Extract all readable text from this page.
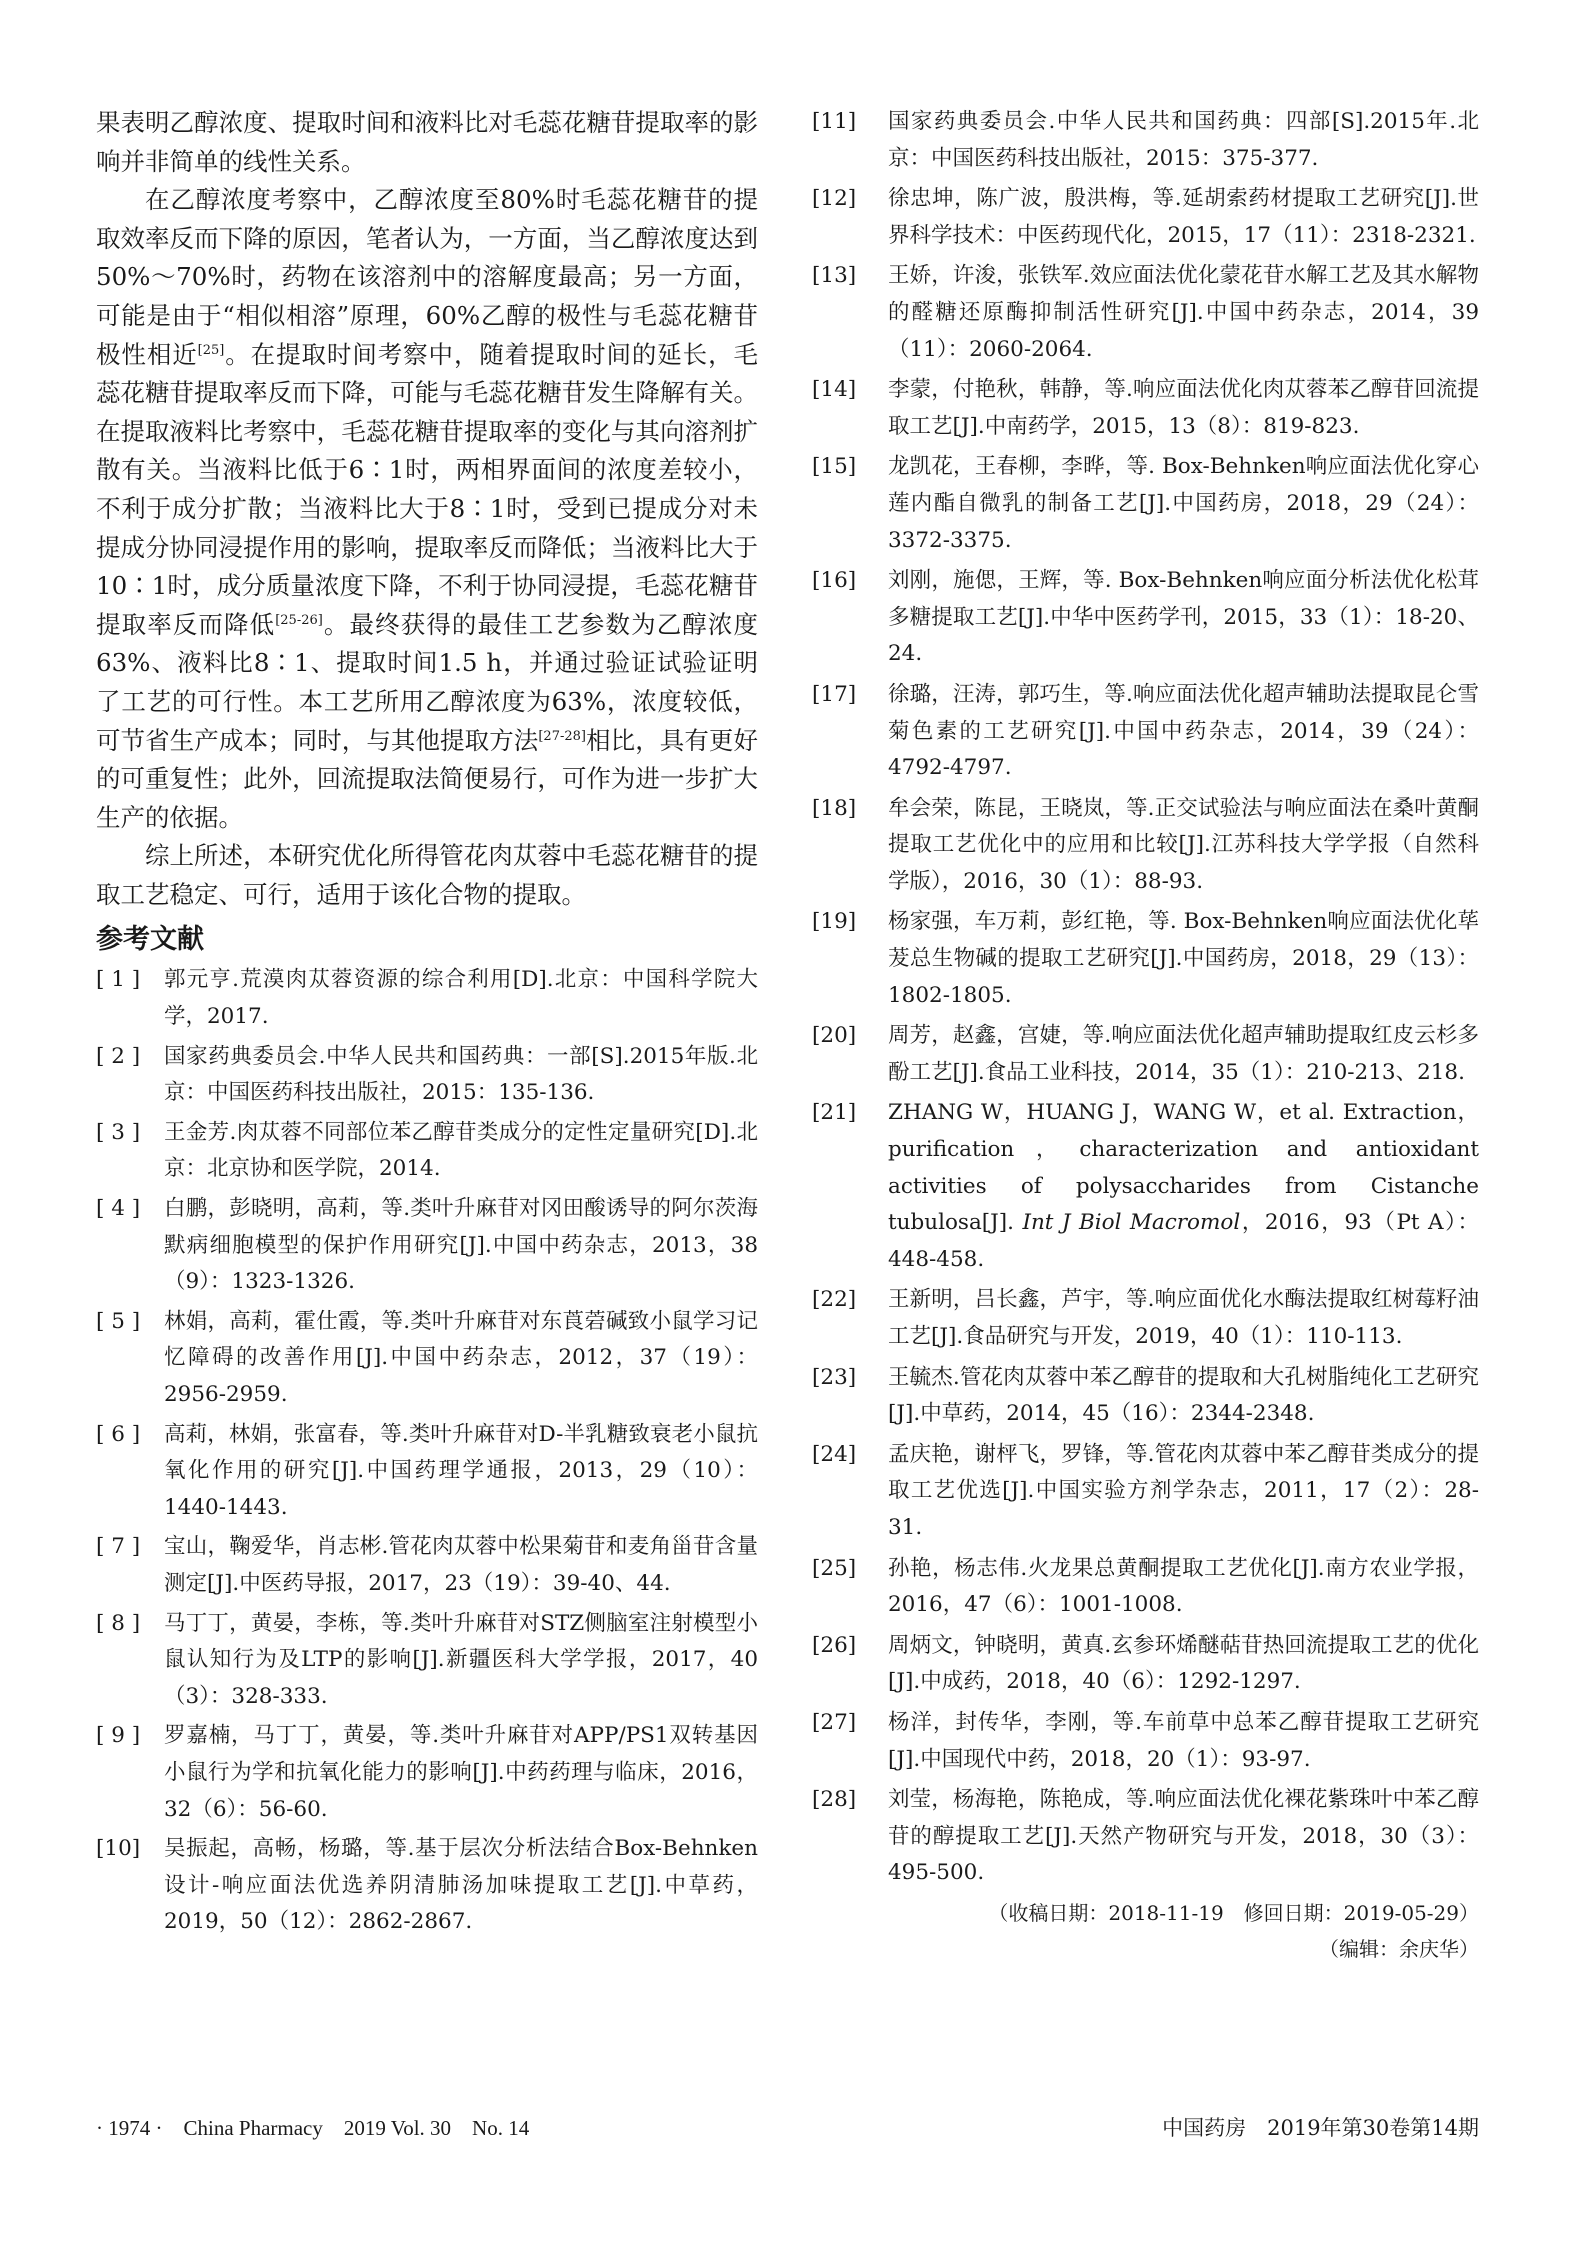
果表明乙醇浓度、提取时间和液料比对毛蕊花糖苷提取率的影响并非简单的线性关系。

在乙醇浓度考察中，乙醇浓度至80%时毛蕊花糖苷的提取效率反而下降的原因，笔者认为，一方面，当乙醇浓度达到50%～70%时，药物在该溶剂中的溶解度最高；另一方面，可能是由于“相似相溶”原理，60%乙醇的极性与毛蕊花糖苷极性相近[25]。在提取时间考察中，随着提取时间的延长，毛蕊花糖苷提取率反而下降，可能与毛蕊花糖苷发生降解有关。在提取液料比考察中，毛蕊花糖苷提取率的变化与其向溶剂扩散有关。当液料比低于6∶1时，两相界面间的浓度差较小，不利于成分扩散；当液料比大于8∶1时，受到已提成分对未提成分协同浸提作用的影响，提取率反而降低；当液料比大于10∶1时，成分质量浓度下降，不利于协同浸提，毛蕊花糖苷提取率反而降低[25-26]。最终获得的最佳工艺参数为乙醇浓度63%、液料比8∶1、提取时间1.5 h，并通过验证试验证明了工艺的可行性。本工艺所用乙醇浓度为63%，浓度较低，可节省生产成本；同时，与其他提取方法[27-28]相比，具有更好的可重复性；此外，回流提取法简便易行，可作为进一步扩大生产的依据。

综上所述，本研究优化所得管花肉苁蓉中毛蕊花糖苷的提取工艺稳定、可行，适用于该化合物的提取。

参考文献
[ 1 ]	郭元亨.荒漠肉苁蓉资源的综合利用[D].北京：中国科学院大学，2017.
[ 2 ]	国家药典委员会.中华人民共和国药典：一部[S].2015年版.北京：中国医药科技出版社，2015：135-136.
[ 3 ]	王金芳.肉苁蓉不同部位苯乙醇苷类成分的定性定量研究[D].北京：北京协和医学院，2014.
[ 4 ]	白鹏，彭晓明，高莉，等.类叶升麻苷对冈田酸诱导的阿尔茨海默病细胞模型的保护作用研究[J].中国中药杂志，2013，38（9）：1323-1326.
[ 5 ]	林娟，高莉，霍仕霞，等.类叶升麻苷对东莨菪碱致小鼠学习记忆障碍的改善作用[J].中国中药杂志，2012，37（19）：2956-2959.
[ 6 ]	高莉，林娟，张富春，等.类叶升麻苷对D-半乳糖致衰老小鼠抗氧化作用的研究[J].中国药理学通报，2013，29（10）：1440-1443.
[ 7 ]	宝山，鞠爱华，肖志彬.管花肉苁蓉中松果菊苷和麦角甾苷含量测定[J].中医药导报，2017，23（19）：39-40、44.
[ 8 ]	马丁丁，黄晏，李栋，等.类叶升麻苷对STZ侧脑室注射模型小鼠认知行为及LTP的影响[J].新疆医科大学学报，2017，40（3）：328-333.
[ 9 ]	罗嘉楠，马丁丁，黄晏，等.类叶升麻苷对APP/PS1双转基因小鼠行为学和抗氧化能力的影响[J].中药药理与临床，2016，32（6）：56-60.
[10]	吴振起，高畅，杨璐，等.基于层次分析法结合Box-Behnken设计-响应面法优选养阴清肺汤加味提取工艺[J].中草药，2019，50（12）：2862-2867.
[11]	国家药典委员会.中华人民共和国药典：四部[S].2015年.北京：中国医药科技出版社，2015：375-377.
[12]	徐忠坤，陈广波，殷洪梅，等.延胡索药材提取工艺研究[J].世界科学技术：中医药现代化，2015，17（11）：2318-2321.
[13]	王娇，许浚，张铁军.效应面法优化蒙花苷水解工艺及其水解物的醛糖还原酶抑制活性研究[J].中国中药杂志，2014，39（11）：2060-2064.
[14]	李蒙，付艳秋，韩静，等.响应面法优化肉苁蓉苯乙醇苷回流提取工艺[J].中南药学，2015，13（8）：819-823.
[15]	龙凯花，王春柳，李晔，等. Box-Behnken响应面法优化穿心莲内酯自微乳的制备工艺[J].中国药房，2018，29（24）：3372-3375.
[16]	刘刚，施偲，王辉，等. Box-Behnken响应面分析法优化松茸多糖提取工艺[J].中华中医药学刊，2015，33（1）：18-20、24.
[17]	徐璐，汪涛，郭巧生，等.响应面法优化超声辅助法提取昆仑雪菊色素的工艺研究[J].中国中药杂志，2014，39（24）：4792-4797.
[18]	牟会荣，陈昆，王晓岚，等.正交试验法与响应面法在桑叶黄酮提取工艺优化中的应用和比较[J].江苏科技大学学报（自然科学版），2016，30（1）：88-93.
[19]	杨家强，车万莉，彭红艳，等. Box-Behnken响应面法优化荜茇总生物碱的提取工艺研究[J].中国药房，2018，29（13）：1802-1805.
[20]	周芳，赵鑫，宫婕，等.响应面法优化超声辅助提取红皮云杉多酚工艺[J].食品工业科技，2014，35（1）：210-213、218.
[21]	ZHANG W，HUANG J，WANG W，et al. Extraction，purification，characterization and antioxidant activities of polysaccharides from Cistanche tubulosa[J]. Int J Biol Macromol，2016，93（Pt A）：448-458.
[22]	王新明，吕长鑫，芦宇，等.响应面优化水酶法提取红树莓籽油工艺[J].食品研究与开发，2019，40（1）：110-113.
[23]	王毓杰.管花肉苁蓉中苯乙醇苷的提取和大孔树脂纯化工艺研究[J].中草药，2014，45（16）：2344-2348.
[24]	孟庆艳，谢枰飞，罗锋，等.管花肉苁蓉中苯乙醇苷类成分的提取工艺优选[J].中国实验方剂学杂志，2011，17（2）：28-31.
[25]	孙艳，杨志伟.火龙果总黄酮提取工艺优化[J].南方农业学报，2016，47（6）：1001-1008.
[26]	周炳文，钟晓明，黄真.玄参环烯醚萜苷热回流提取工艺的优化[J].中成药，2018，40（6）：1292-1297.
[27]	杨洋，封传华，李刚，等.车前草中总苯乙醇苷提取工艺研究[J].中国现代中药，2018，20（1）：93-97.
[28]	刘莹，杨海艳，陈艳成，等.响应面法优化裸花紫珠叶中苯乙醇苷的醇提取工艺[J].天然产物研究与开发，2018，30（3）：495-500.
（收稿日期：2018-11-19　修回日期：2019-05-29）
（编辑：余庆华）
· 1974 ·　China Pharmacy　2019 Vol. 30　No. 14	中国药房　2019年第30卷第14期
